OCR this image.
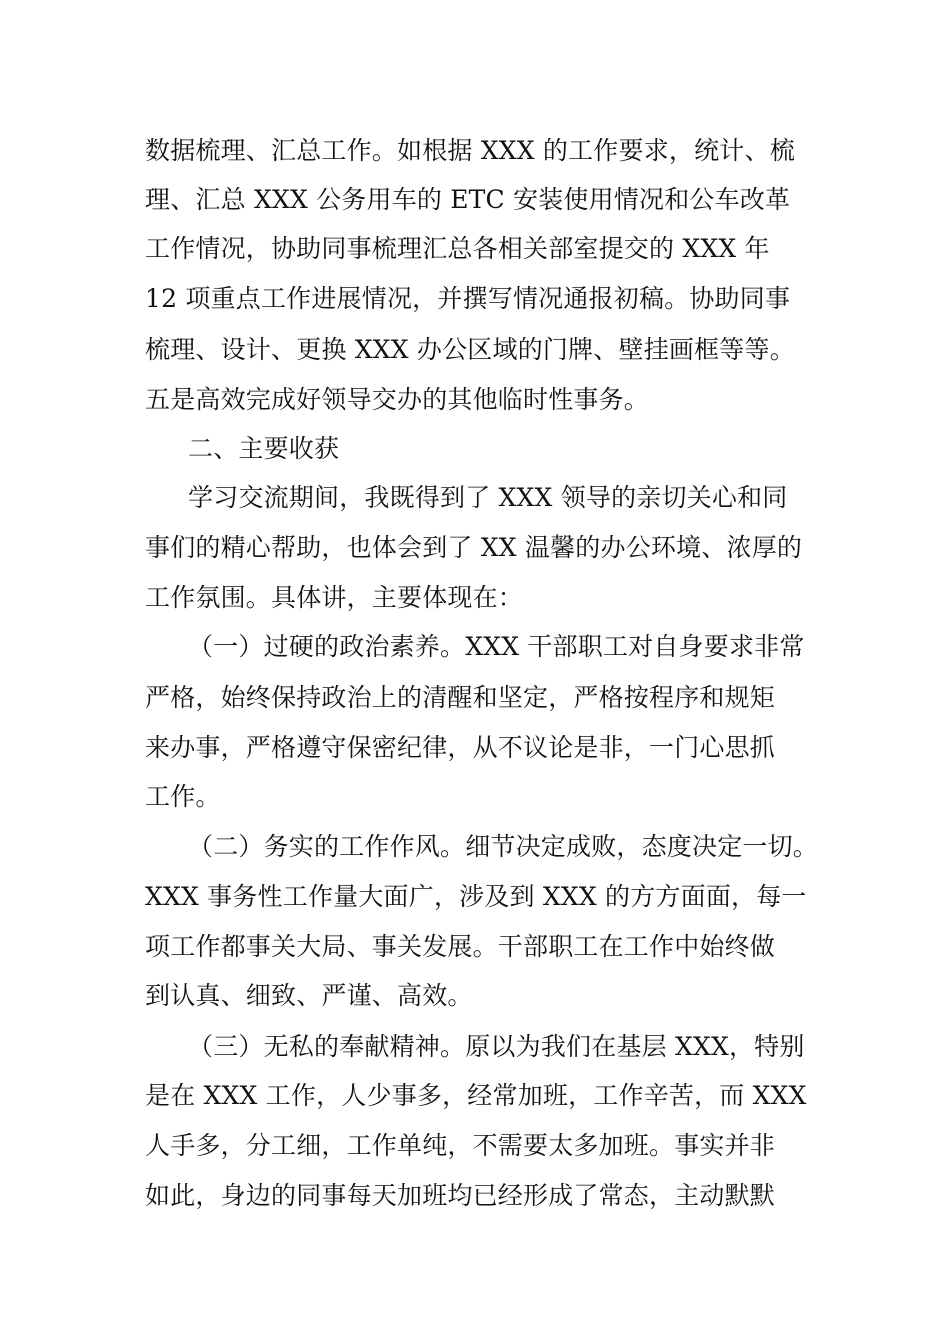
数据梳理、汇总工作。如根据 XXX 的工作要求，统计、梳
理、汇总 XXX 公务用车的 ETC 安装使用情况和公车改革
工作情况，协助同事梳理汇总各相关部室提交的 XXX 年
12 项重点工作进展情况，并撰写情况通报初稿。协助同事
梳理、设计、更换 XXX 办公区域的门牌、壁挂画框等等。
五是高效完成好领导交办的其他临时性事务。
二、主要收获
学习交流期间，我既得到了 XXX 领导的亲切关心和同
事们的精心帮助，也体会到了 XX 温馨的办公环境、浓厚的
工作氛围。具体讲，主要体现在：
（一）过硬的政治素养。XXX 干部职工对自身要求非常
严格，始终保持政治上的清醒和坚定，严格按程序和规矩
来办事，严格遵守保密纪律，从不议论是非，一门心思抓
工作。
（二）务实的工作作风。细节决定成败，态度决定一切。
XXX 事务性工作量大面广，涉及到 XXX 的方方面面，每一
项工作都事关大局、事关发展。干部职工在工作中始终做
到认真、细致、严谨、高效。
（三）无私的奉献精神。原以为我们在基层 XXX，特别
是在 XXX 工作，人少事多，经常加班，工作辛苦，而 XXX
人手多，分工细，工作单纯，不需要太多加班。事实并非
如此，身边的同事每天加班均已经形成了常态，主动默默
